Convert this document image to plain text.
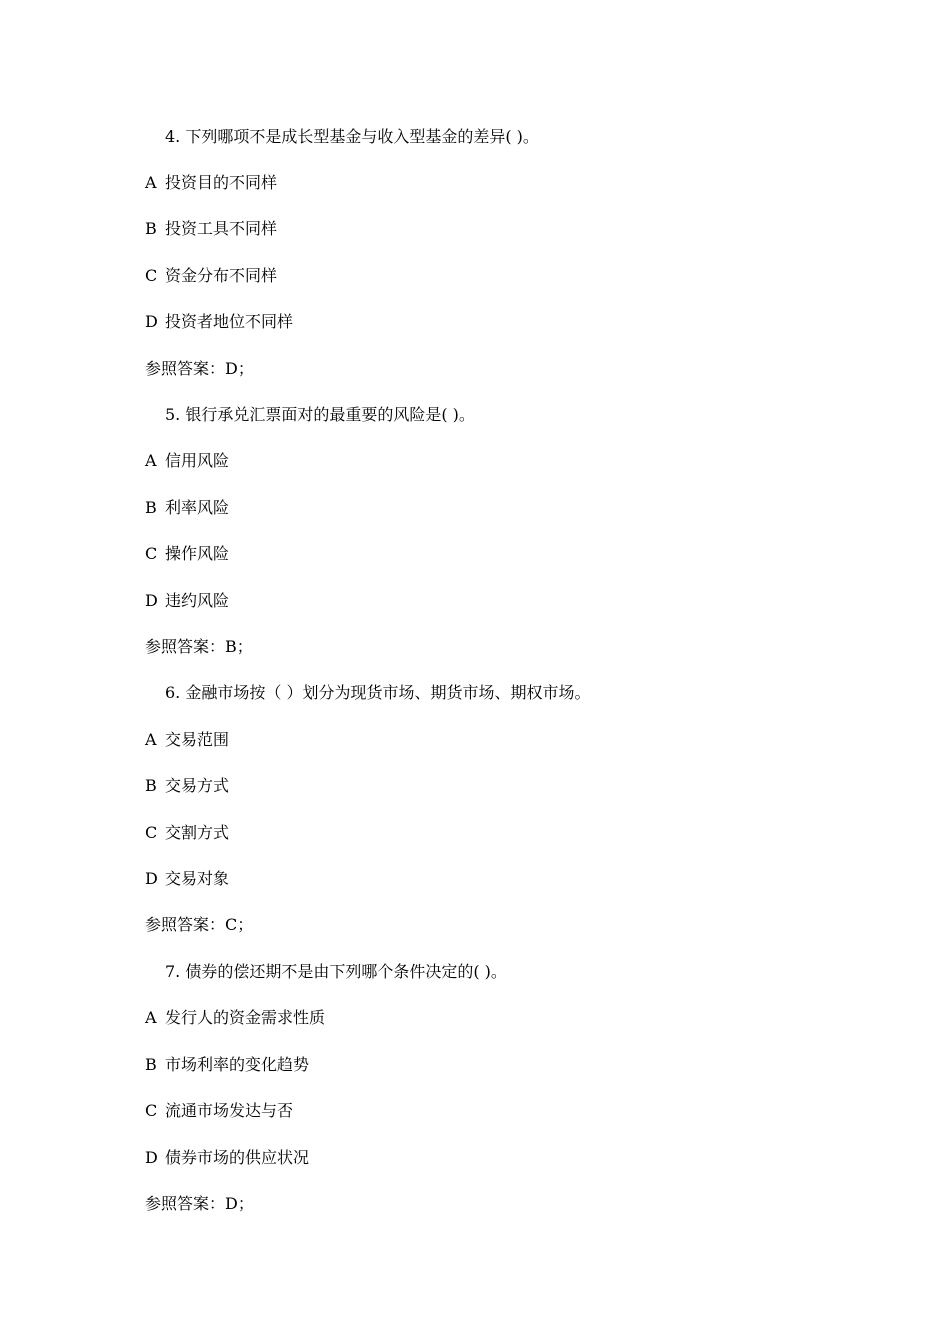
4. 下列哪项不是成长型基金与收入型基金的差异( )。
A 投资目的不同样
B 投资工具不同样
C 资金分布不同样
D 投资者地位不同样
参照答案：D；
5. 银行承兑汇票面对的最重要的风险是( )。
A 信用风险
B 利率风险
C 操作风险
D 违约风险
参照答案：B；
6. 金融市场按（ ）划分为现货市场、期货市场、期权市场。
A 交易范围
B 交易方式
C 交割方式
D 交易对象
参照答案：C；
7. 债券的偿还期不是由下列哪个条件决定的( )。
A 发行人的资金需求性质
B 市场利率的变化趋势
C 流通市场发达与否
D 债券市场的供应状况
参照答案：D；
